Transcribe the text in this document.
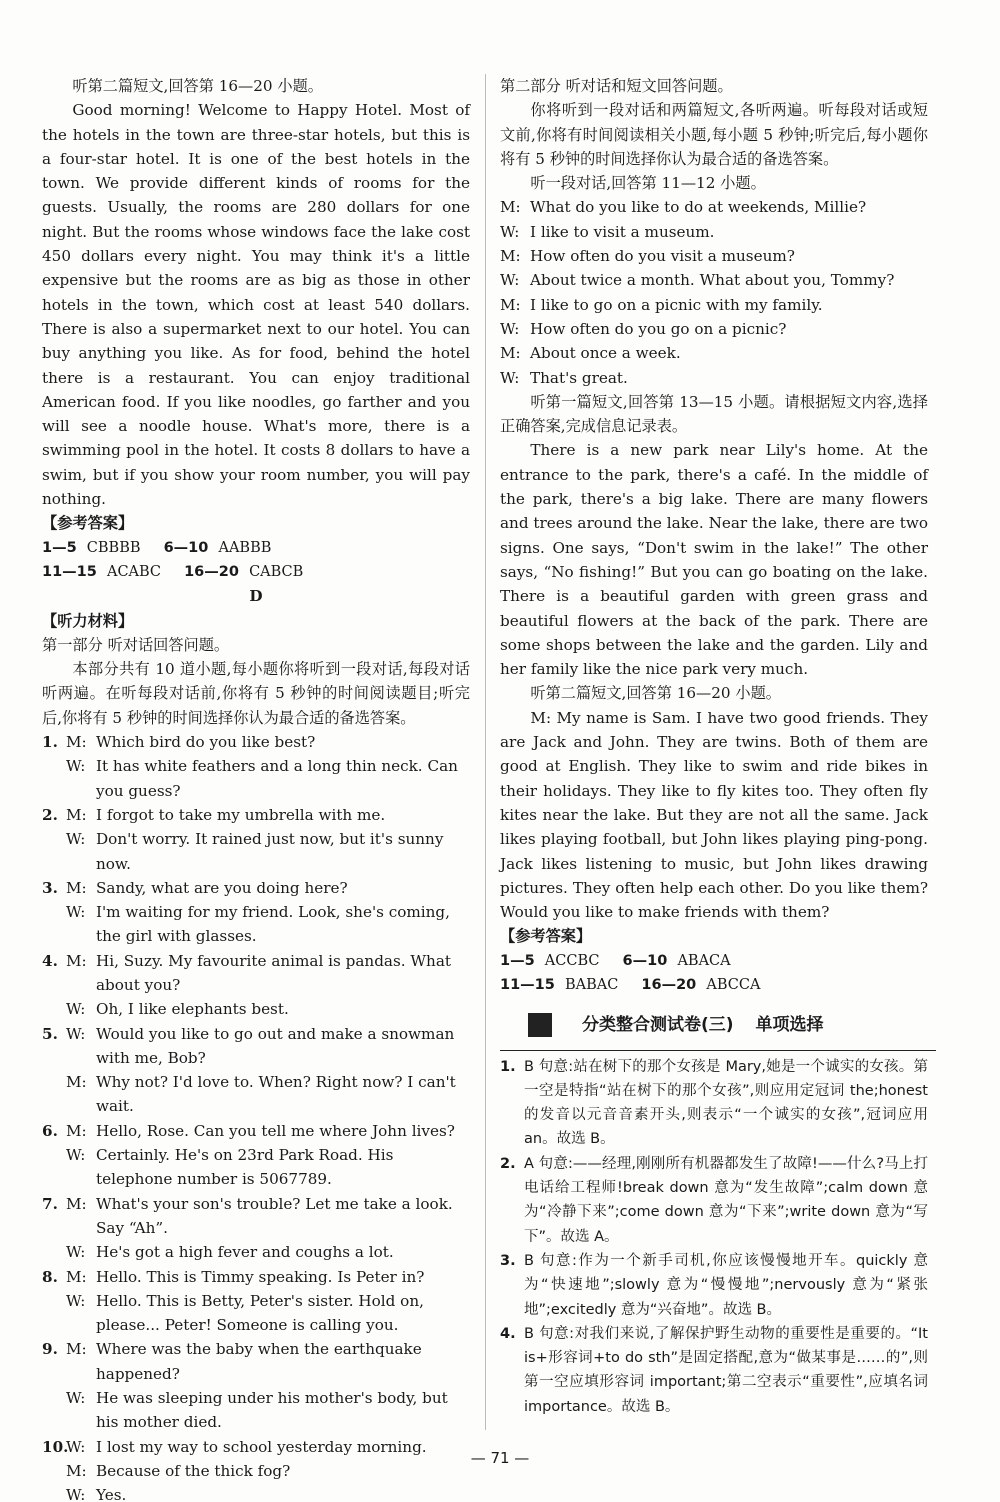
听第二篇短文,回答第 16—20 小题。
Good morning! Welcome to Happy Hotel. Most of the hotels in the town are three-star hotels, but this is a four-star hotel. It is one of the best hotels in the town. We provide different kinds of rooms for the guests. Usually, the rooms are 280 dollars for one night. But the rooms whose windows face the lake cost 450 dollars every night. You may think it's a little expensive but the rooms are as big as those in other hotels in the town, which cost at least 540 dollars. There is also a supermarket next to our hotel. You can buy anything you like. As for food, behind the hotel there is a restaurant. You can enjoy traditional American food. If you like noodles, go farther and you will see a noodle house. What's more, there is a swimming pool in the hotel. It costs 8 dollars to have a swim, but if you show your room number, you will pay nothing.
【参考答案】
1—5 CBBBB 6—10 AABBB
11—15 ACABC 16—20 CABCB
D
【听力材料】
第一部分 听对话回答问题。
本部分共有 10 道小题,每小题你将听到一段对话,每段对话听两遍。在听每段对话前,你将有 5 秒钟的时间阅读题目;听完后,你将有 5 秒钟的时间选择你认为最合适的备选答案。
1. M: Which bird do you like best?
W: It has white feathers and a long thin neck. Can you guess?
2. M: I forgot to take my umbrella with me.
W: Don't worry. It rained just now, but it's sunny now.
3. M: Sandy, what are you doing here?
W: I'm waiting for my friend. Look, she's coming, the girl with glasses.
4. M: Hi, Suzy. My favourite animal is pandas. What about you?
W: Oh, I like elephants best.
5. W: Would you like to go out and make a snowman with me, Bob?
M: Why not? I'd love to. When? Right now? I can't wait.
6. M: Hello, Rose. Can you tell me where John lives?
W: Certainly. He's on 23rd Park Road. His telephone number is 5067789.
7. M: What's your son's trouble? Let me take a look. Say “Ah”.
W: He's got a high fever and coughs a lot.
8. M: Hello. This is Timmy speaking. Is Peter in?
W: Hello. This is Betty, Peter's sister. Hold on, please... Peter! Someone is calling you.
9. M: Where was the baby when the earthquake happened?
W: He was sleeping under his mother's body, but his mother died.
10.W: I lost my way to school yesterday morning.
M: Because of the thick fog?
W: Yes.
第二部分 听对话和短文回答问题。
你将听到一段对话和两篇短文,各听两遍。听每段对话或短文前,你将有时间阅读相关小题,每小题 5 秒钟;听完后,每小题你将有 5 秒钟的时间选择你认为最合适的备选答案。
听一段对话,回答第 11—12 小题。
M: What do you like to do at weekends, Millie?
W: I like to visit a museum.
M: How often do you visit a museum?
W: About twice a month. What about you, Tommy?
M: I like to go on a picnic with my family.
W: How often do you go on a picnic?
M: About once a week.
W: That's great.
听第一篇短文,回答第 13—15 小题。请根据短文内容,选择正确答案,完成信息记录表。
There is a new park near Lily's home. At the entrance to the park, there's a café. In the middle of the park, there's a big lake. There are many flowers and trees around the lake. Near the lake, there are two signs. One says, “Don't swim in the lake!” The other says, “No fishing!” But you can go boating on the lake. There is a beautiful garden with green grass and beautiful flowers at the back of the park. There are some shops between the lake and the garden. Lily and her family like the nice park very much.
听第二篇短文,回答第 16—20 小题。
M: My name is Sam. I have two good friends. They are Jack and John. They are twins. Both of them are good at English. They like to swim and ride bikes in their holidays. They like to fly kites too. They often fly kites near the lake. But they are not all the same. Jack likes playing football, but John likes playing ping-pong. Jack likes listening to music, but John likes drawing pictures. They often help each other. Do you like them? Would you like to make friends with them?
【参考答案】
1—5 ACCBC 6—10 ABACA
11—15 BABAC 16—20 ABCCA
分类整合测试卷(三) 单项选择
1. B 句意:站在树下的那个女孩是 Mary,她是一个诚实的女孩。第一空是特指“站在树下的那个女孩”,则应用定冠词 the;honest 的发音以元音音素开头,则表示“一个诚实的女孩”,冠词应用 an。故选 B。
2. A 句意:——经理,刚刚所有机器都发生了故障!——什么?马上打电话给工程师!break down 意为“发生故障”;calm down 意为“冷静下来”;come down 意为“下来”;write down 意为“写下”。故选 A。
3. B 句意:作为一个新手司机,你应该慢慢地开车。quickly 意为“快速地”;slowly 意为“慢慢地”;nervously 意为“紧张地”;excitedly 意为“兴奋地”。故选 B。
4. B 句意:对我们来说,了解保护野生动物的重要性是重要的。“It is+形容词+to do sth”是固定搭配,意为“做某事是……的”,则第一空应填形容词 important;第二空表示“重要性”,应填名词 importance。故选 B。
— 71 —
